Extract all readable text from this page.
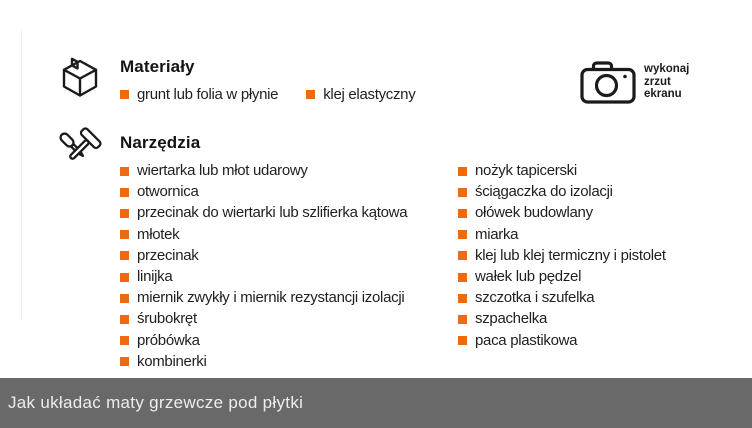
Materiały
grunt lub folia w płynie	klej elastyczny
wykonaj
zrzut
ekranu
Narzędzia
wiertarka lub młot udarowy
otwornica
przecinak do wiertarki lub szlifierka kątowa
młotek
przecinak
linijka
miernik zwykły i miernik rezystancji izolacji
śrubokręt
próbówka
kombinerki
nożyk tapicerski
ściągaczka do izolacji
ołówek budowlany
miarka
klej lub klej termiczny i pistolet
wałek lub pędzel
szczotka i szufelka
szpachelka
paca plastikowa
Jak układać maty grzewcze pod płytki
